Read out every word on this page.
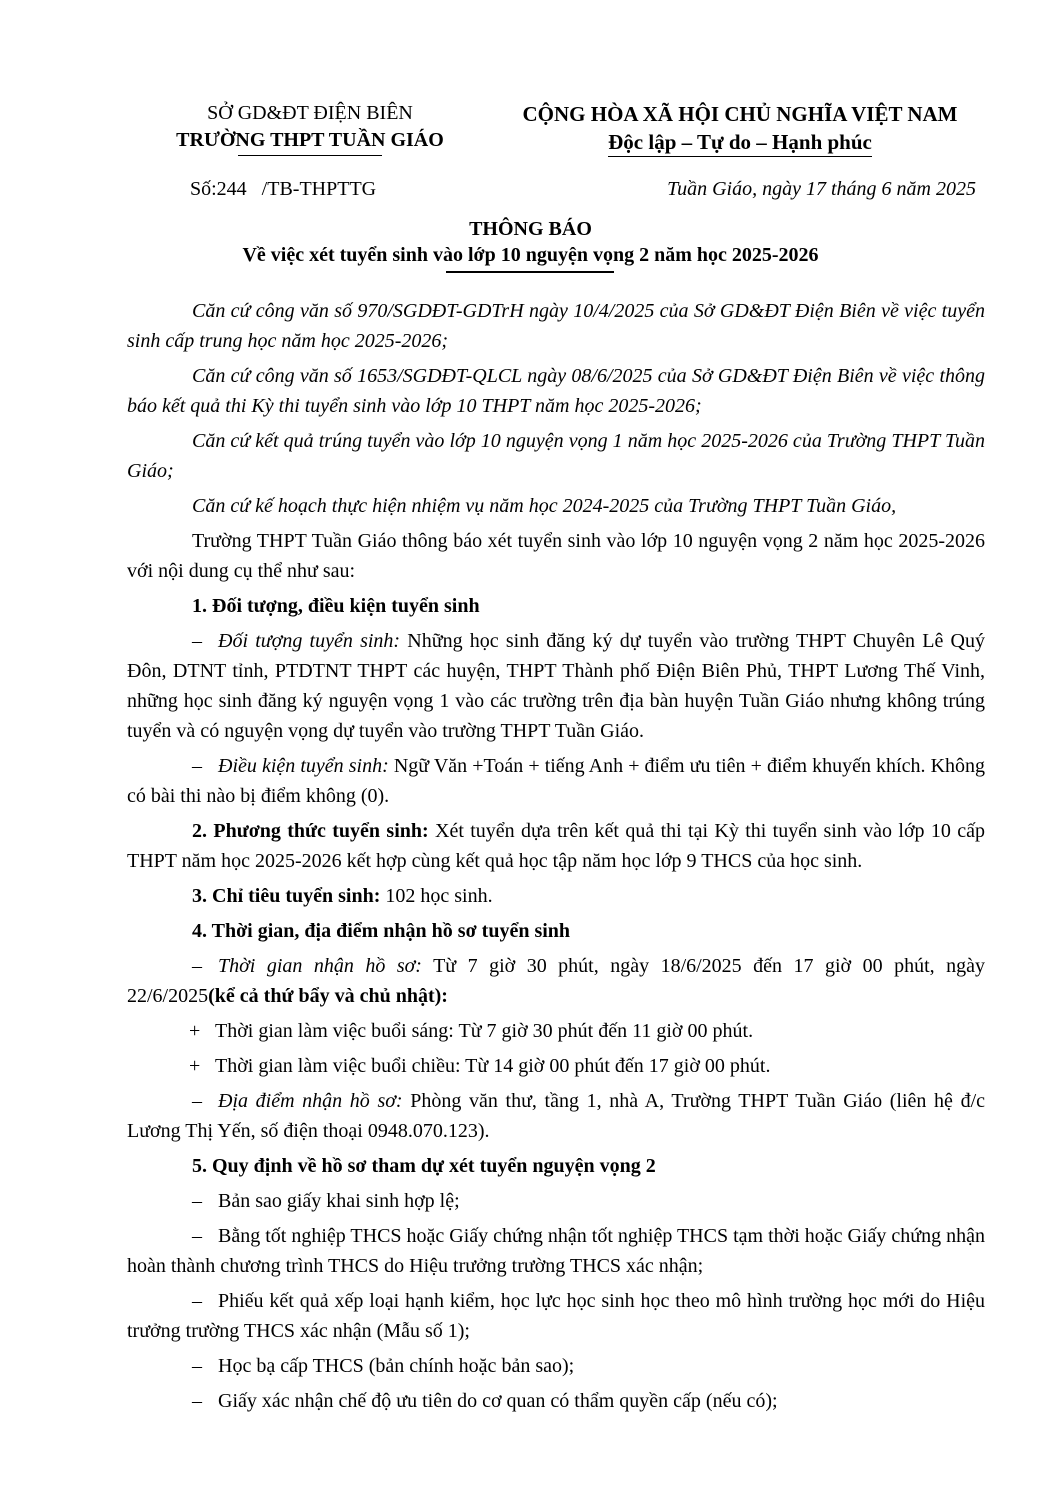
SỞ GD&ĐT ĐIỆN BIÊN
TRƯỜNG THPT TUẦN GIÁO
CỘNG HÒA XÃ HỘI CHỦ NGHĨA VIỆT NAM
Độc lập – Tự do – Hạnh phúc
Số:244   /TB-THPTTG	Tuần Giáo, ngày 17 tháng 6 năm 2025
THÔNG BÁO
Về việc xét tuyển sinh vào lớp 10 nguyện vọng 2 năm học 2025-2026

Căn cứ công văn số 970/SGDĐT-GDTrH ngày 10/4/2025 của Sở GD&ĐT Điện Biên về việc tuyển sinh cấp trung học năm học 2025-2026;

Căn cứ công văn số 1653/SGDĐT-QLCL ngày 08/6/2025 của Sở GD&ĐT Điện Biên về việc thông báo kết quả thi Kỳ thi tuyển sinh vào lớp 10 THPT năm học 2025-2026;

Căn cứ kết quả trúng tuyển vào lớp 10 nguyện vọng 1 năm học 2025-2026 của Trường THPT Tuần Giáo;

Căn cứ kế hoạch thực hiện nhiệm vụ năm học 2024-2025 của Trường THPT Tuần Giáo,

Trường THPT Tuần Giáo thông báo xét tuyển sinh vào lớp 10 nguyện vọng 2 năm học 2025-2026 với nội dung cụ thể như sau:

1. Đối tượng, điều kiện tuyển sinh

– Đối tượng tuyển sinh: Những học sinh đăng ký dự tuyển vào trường THPT Chuyên Lê Quý Đôn, DTNT tỉnh, PTDTNT THPT các huyện, THPT Thành phố Điện Biên Phủ, THPT Lương Thế Vinh, những học sinh đăng ký nguyện vọng 1 vào các trường trên địa bàn huyện Tuần Giáo nhưng không trúng tuyển và có nguyện vọng dự tuyển vào trường THPT Tuần Giáo.

– Điều kiện tuyển sinh: Ngữ Văn +Toán + tiếng Anh + điểm ưu tiên + điểm khuyến khích. Không có bài thi nào bị điểm không (0).

2. Phương thức tuyển sinh: Xét tuyển dựa trên kết quả thi tại Kỳ thi tuyển sinh vào lớp 10 cấp THPT năm học 2025-2026 kết hợp cùng kết quả học tập năm học lớp 9 THCS của học sinh.

3. Chỉ tiêu tuyển sinh: 102 học sinh.

4. Thời gian, địa điểm nhận hồ sơ tuyển sinh

– Thời gian nhận hồ sơ: Từ 7 giờ 30 phút, ngày 18/6/2025 đến 17 giờ 00 phút, ngày 22/6/2025(kể cả thứ bẩy và chủ nhật):

+ Thời gian làm việc buổi sáng: Từ 7 giờ 30 phút đến 11 giờ 00 phút.

+ Thời gian làm việc buổi chiều: Từ 14 giờ 00 phút đến 17 giờ 00 phút.

– Địa điểm nhận hồ sơ: Phòng văn thư, tầng 1, nhà A, Trường THPT Tuần Giáo (liên hệ đ/c Lương Thị Yến, số điện thoại 0948.070.123).

5. Quy định về hồ sơ tham dự xét tuyển nguyện vọng 2

– Bản sao giấy khai sinh hợp lệ;

– Bằng tốt nghiệp THCS hoặc Giấy chứng nhận tốt nghiệp THCS tạm thời hoặc Giấy chứng nhận hoàn thành chương trình THCS do Hiệu trưởng trường THCS xác nhận;

– Phiếu kết quả xếp loại hạnh kiểm, học lực học sinh học theo mô hình trường học mới do Hiệu trưởng trường THCS xác nhận (Mẫu số 1);

– Học bạ cấp THCS (bản chính hoặc bản sao);

– Giấy xác nhận chế độ ưu tiên do cơ quan có thẩm quyền cấp (nếu có);
